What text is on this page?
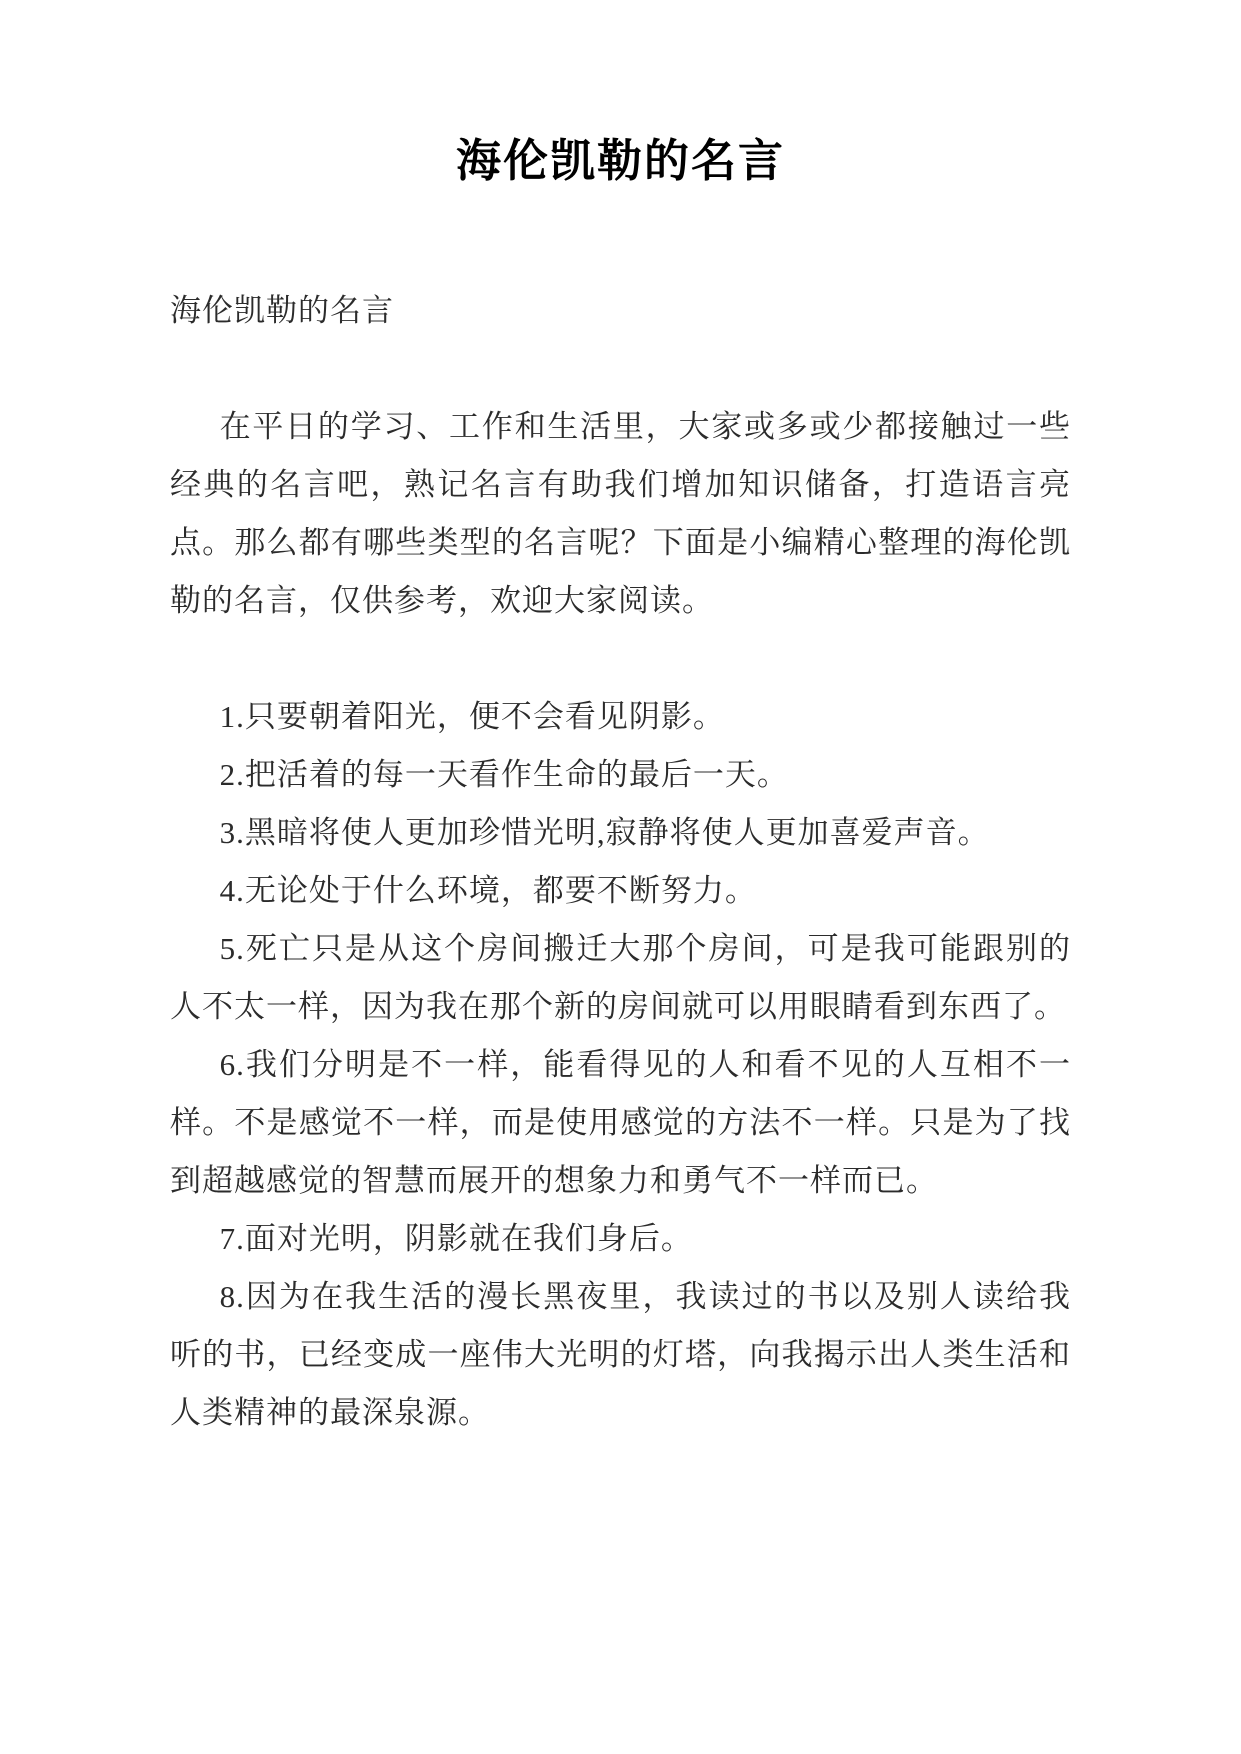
海伦凯勒的名言

海伦凯勒的名言

在平日的学习、工作和生活里，大家或多或少都接触过一些经典的名言吧，熟记名言有助我们增加知识储备，打造语言亮点。那么都有哪些类型的名言呢？下面是小编精心整理的海伦凯勒的名言，仅供参考，欢迎大家阅读。

1.只要朝着阳光，便不会看见阴影。

2.把活着的每一天看作生命的最后一天。

3.黑暗将使人更加珍惜光明,寂静将使人更加喜爱声音。

4.无论处于什么环境，都要不断努力。

5.死亡只是从这个房间搬迁大那个房间，可是我可能跟别的人不太一样，因为我在那个新的房间就可以用眼睛看到东西了。

6.我们分明是不一样，能看得见的人和看不见的人互相不一样。不是感觉不一样，而是使用感觉的方法不一样。只是为了找到超越感觉的智慧而展开的想象力和勇气不一样而已。

7.面对光明，阴影就在我们身后。

8.因为在我生活的漫长黑夜里，我读过的书以及别人读给我听的书，已经变成一座伟大光明的灯塔，向我揭示出人类生活和人类精神的最深泉源。
